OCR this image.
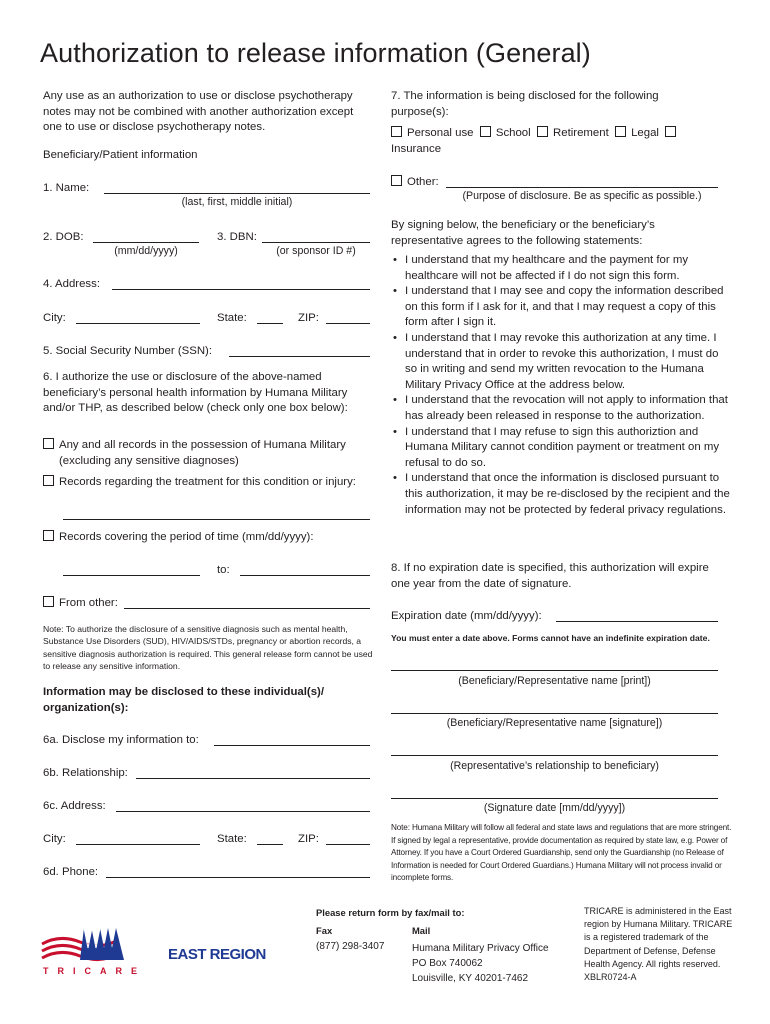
Authorization to release information (General)
Any use as an authorization to use or disclose psychotherapy notes may not be combined with another authorization except one to use or disclose psychotherapy notes.
Beneficiary/Patient information
1. Name:
(last, first, middle initial)
2. DOB:
(mm/dd/yyyy)
3. DBN:
(or sponsor ID #)
4. Address:
City:	State:	ZIP:
5. Social Security Number (SSN):
6. I authorize the use or disclosure of the above-named beneficiary’s personal health information by Humana Military and/or THP, as described below (check only one box below):
Any and all records in the possession of Humana Military (excluding any sensitive diagnoses)
Records regarding the treatment for this condition or injury:
Records covering the period of time (mm/dd/yyyy):
to:
From other:
Note: To authorize the disclosure of a sensitive diagnosis such as mental health, Substance Use Disorders (SUD), HIV/AIDS/STDs, pregnancy or abortion records, a sensitive diagnosis authorization is required. This general release form cannot be used to release any sensitive information.
Information may be disclosed to these individual(s)/ organization(s):
6a. Disclose my information to:
6b. Relationship:
6c. Address:
City:	State:	ZIP:
6d. Phone:
7. The information is being disclosed for the following purpose(s):
Personal use School Retirement Legal
Insurance
Other:
(Purpose of disclosure. Be as specific as possible.)
By signing below, the beneficiary or the beneficiary’s representative agrees to the following statements:
• I understand that my healthcare and the payment for my healthcare will not be affected if I do not sign this form.
• I understand that I may see and copy the information described on this form if I ask for it, and that I may request a copy of this form after I sign it.
• I understand that I may revoke this authorization at any time. I understand that in order to revoke this authorization, I must do so in writing and send my written revocation to the Humana Military Privacy Office at the address below.
• I understand that the revocation will not apply to information that has already been released in response to the authorization.
• I understand that I may refuse to sign this authoriztion and Humana Military cannot condition payment or treatment on my refusal to do so.
• I understand that once the information is disclosed pursuant to this authorization, it may be re-disclosed by the recipient and the information may not be protected by federal privacy regulations.
8. If no expiration date is specified, this authorization will expire one year from the date of signature.
Expiration date (mm/dd/yyyy):
You must enter a date above. Forms cannot have an indefinite expiration date.
(Beneficiary/Representative name [print])
(Beneficiary/Representative name [signature])
(Representative’s relationship to beneficiary)
(Signature date [mm/dd/yyyy])
Note: Humana Military will follow all federal and state laws and regulations that are more stringent. If signed by legal a representative, provide documentation as required by state law, e.g. Power of Attorney. If you have a Court Ordered Guardianship, send only the Guardianship (no Release of Information is needed for Court Ordered Guardians.) Humana Military will not process invalid or incomplete forms.
TRICARE
EAST REGION
Please return form by fax/mail to:
Fax
(877) 298-3407
Mail
Humana Military Privacy Office
PO Box 740062
Louisville, KY 40201-7462
TRICARE is administered in the East region by Humana Military. TRICARE is a registered trademark of the Department of Defense, Defense Health Agency. All rights reserved. XBLR0724-A
